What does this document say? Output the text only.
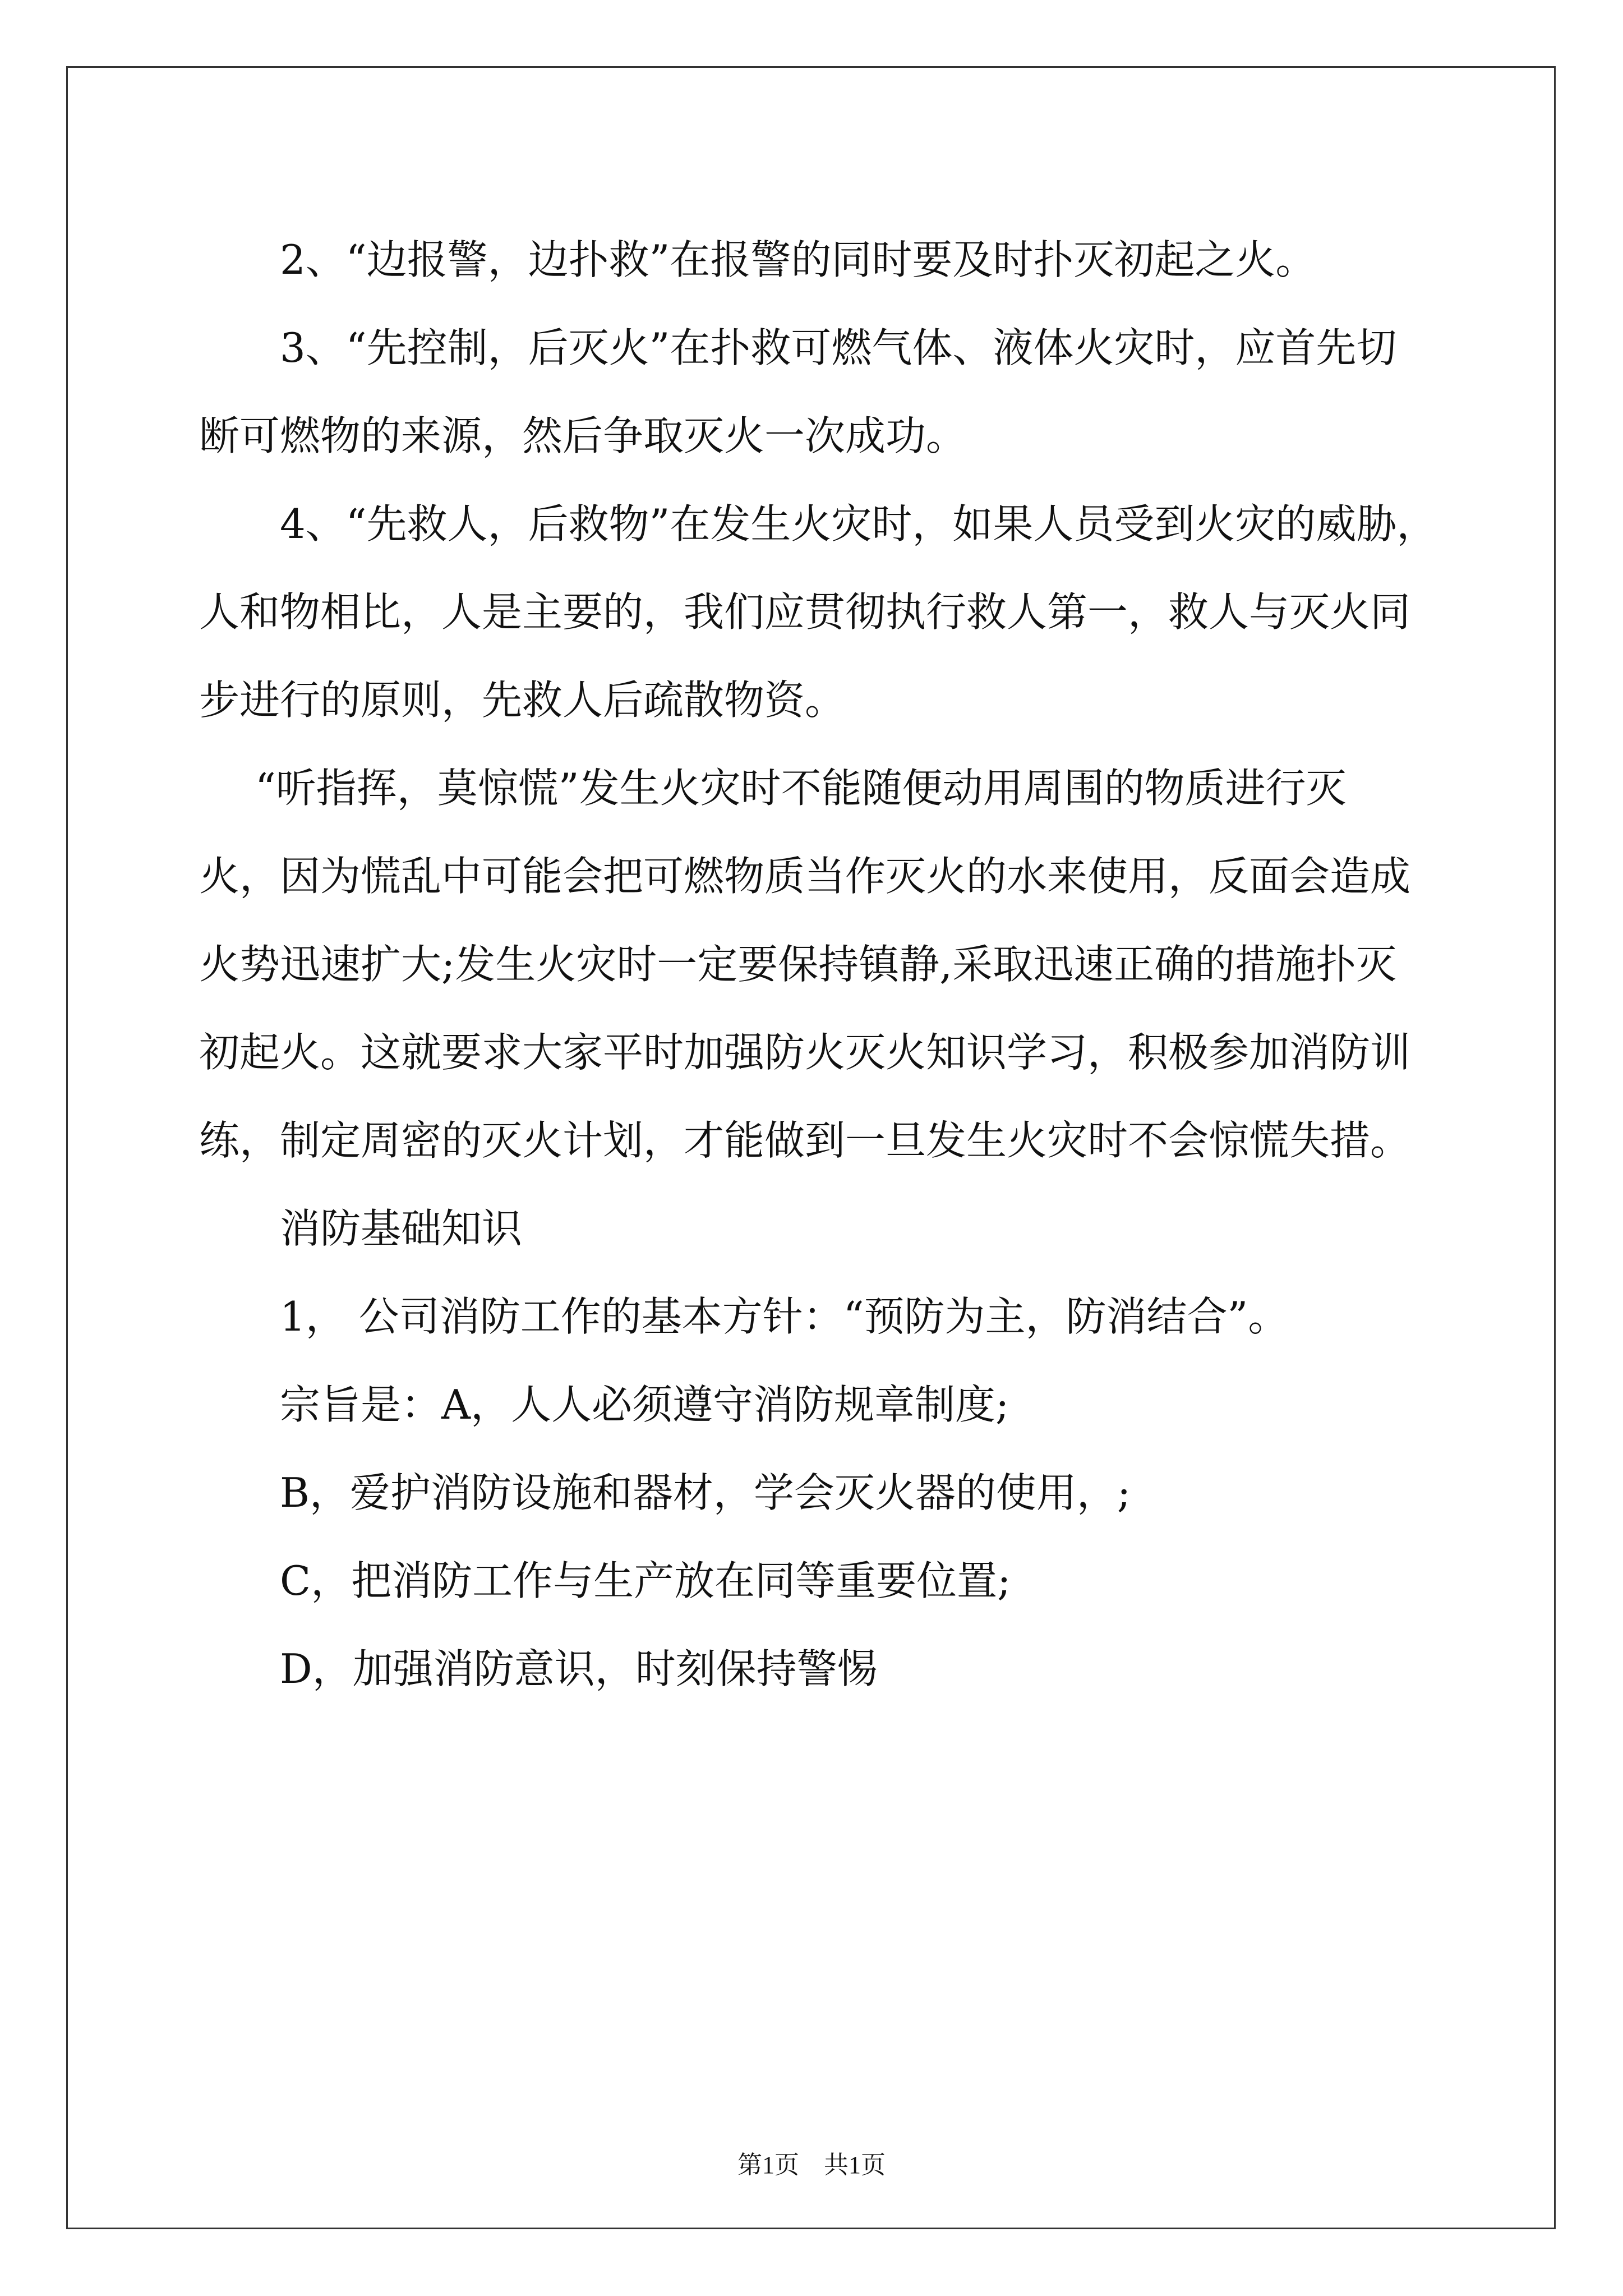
2、“边报警，边扑救”在报警的同时要及时扑灭初起之火。
3、“先控制，后灭火”在扑救可燃气体、液体火灾时，应首先切
断可燃物的来源，然后争取灭火一次成功。
4、“先救人，后救物”在发生火灾时，如果人员受到火灾的威胁，
人和物相比，人是主要的，我们应贯彻执行救人第一，救人与灭火同
步进行的原则，先救人后疏散物资。
“听指挥，莫惊慌”发生火灾时不能随便动用周围的物质进行灭
火，因为慌乱中可能会把可燃物质当作灭火的水来使用，反面会造成
火势迅速扩大;发生火灾时一定要保持镇静,采取迅速正确的措施扑灭
初起火。这就要求大家平时加强防火灭火知识学习，积极参加消防训
练，制定周密的灭火计划，才能做到一旦发生火灾时不会惊慌失措。
消防基础知识
1， 公司消防工作的基本方针：“预防为主，防消结合”。
宗旨是：A，人人必须遵守消防规章制度;
B，爱护消防设施和器材，学会灭火器的使用，;
C，把消防工作与生产放在同等重要位置;
D，加强消防意识，时刻保持警惕
第1页　共1页
